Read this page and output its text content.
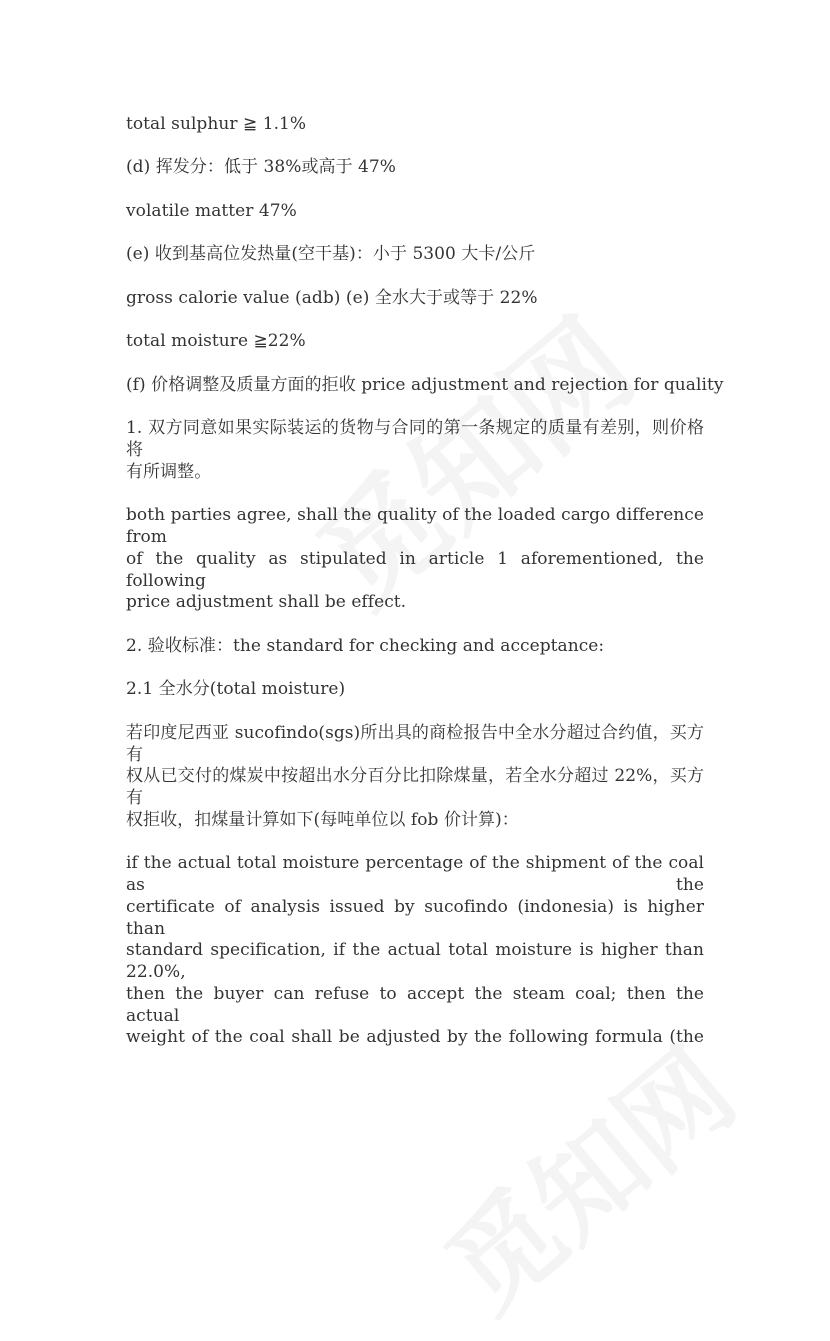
total sulphur ≧ 1.1%
(d) 挥发分：低于 38%或高于 47%
volatile matter 47%
(e) 收到基高位发热量(空干基)：小于 5300 大卡/公斤
gross calorie value (adb) (e) 全水大于或等于 22%
total moisture ≧22%
(f) 价格调整及质量方面的拒收 price adjustment and rejection for quality
1. 双方同意如果实际装运的货物与合同的第一条规定的质量有差别，则价格将
有所调整。
both parties agree, shall the quality of the loaded cargo difference from
of the quality as stipulated in article 1 aforementioned, the following
price adjustment shall be effect.
2. 验收标准：the standard for checking and acceptance:
2.1 全水分(total moisture)
若印度尼西亚 sucofindo(sgs)所出具的商检报告中全水分超过合约值，买方有
权从已交付的煤炭中按超出水分百分比扣除煤量，若全水分超过 22%，买方有
权拒收，扣煤量计算如下(每吨单位以 fob 价计算)：
if the actual total moisture percentage of the shipment of the coal as the
certificate of analysis issued by sucofindo (indonesia) is higher than
standard specification, if the actual total moisture is higher than 22.0%,
then the buyer can refuse to accept the steam coal; then the actual
weight of the coal shall be adjusted by the following formula (the
